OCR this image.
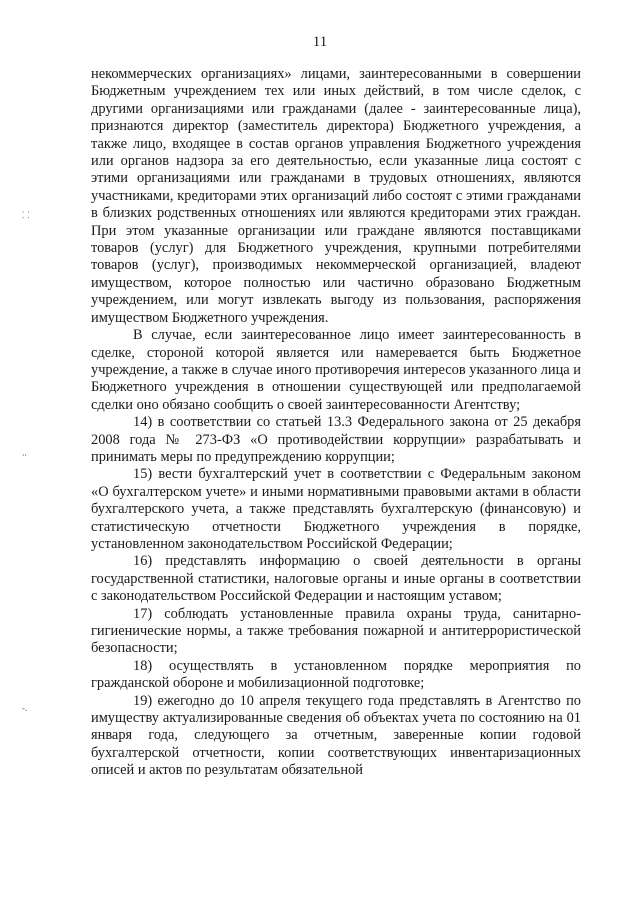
11
⸬
⸳⸳
-.

некоммерческих организациях» лицами, заинтересованными в совершении Бюджетным учреждением тех или иных действий, в том числе сделок, с другими организациями или гражданами (далее - заинтересованные лица), признаются директор (заместитель директора) Бюджетного учреждения, а также лицо, входящее в состав органов управления Бюджетного учреждения или органов надзора за его деятельностью, если указанные лица состоят с этими организациями или гражданами в трудовых отношениях, являются участниками, кредиторами этих организаций либо состоят с этими гражданами в близких родственных отношениях или являются кредиторами этих граждан. При этом указанные организации или граждане являются поставщиками товаров (услуг) для Бюджетного учреждения, крупными потребителями товаров (услуг), производимых некоммерческой организацией, владеют имуществом, которое полностью или частично образовано Бюджетным учреждением, или могут извлекать выгоду из пользования, распоряжения имуществом Бюджетного учреждения.

В случае, если заинтересованное лицо имеет заинтересованность в сделке, стороной которой является или намеревается быть Бюджетное учреждение, а также в случае иного противоречия интересов указанного лица и Бюджетного учреждения в отношении существующей или предполагаемой сделки оно обязано сообщить о своей заинтересованности Агентству;

14) в соответствии со статьей 13.3 Федерального закона от 25 декабря 2008 года № 273-ФЗ «О противодействии коррупции» разрабатывать и принимать меры по предупреждению коррупции;

15) вести бухгалтерский учет в соответствии с Федеральным законом «О бухгалтерском учете» и иными нормативными правовыми актами в области бухгалтерского учета, а также представлять бухгалтерскую (финансовую) и статистическую отчетности Бюджетного учреждения в порядке, установленном законодательством Российской Федерации;

16) представлять информацию о своей деятельности в органы государственной статистики, налоговые органы и иные органы в соответствии с законодательством Российской Федерации и настоящим уставом;

17) соблюдать установленные правила охраны труда, санитарно-гигиенические нормы, а также требования пожарной и антитеррористической безопасности;

18) осуществлять в установленном порядке мероприятия по гражданской обороне и мобилизационной подготовке;

19) ежегодно до 10 апреля текущего года представлять в Агентство по имуществу актуализированные сведения об объектах учета по состоянию на 01 января года, следующего за отчетным, заверенные копии годовой бухгалтерской отчетности, копии соответствующих инвентаризационных описей и актов по результатам обязательной
